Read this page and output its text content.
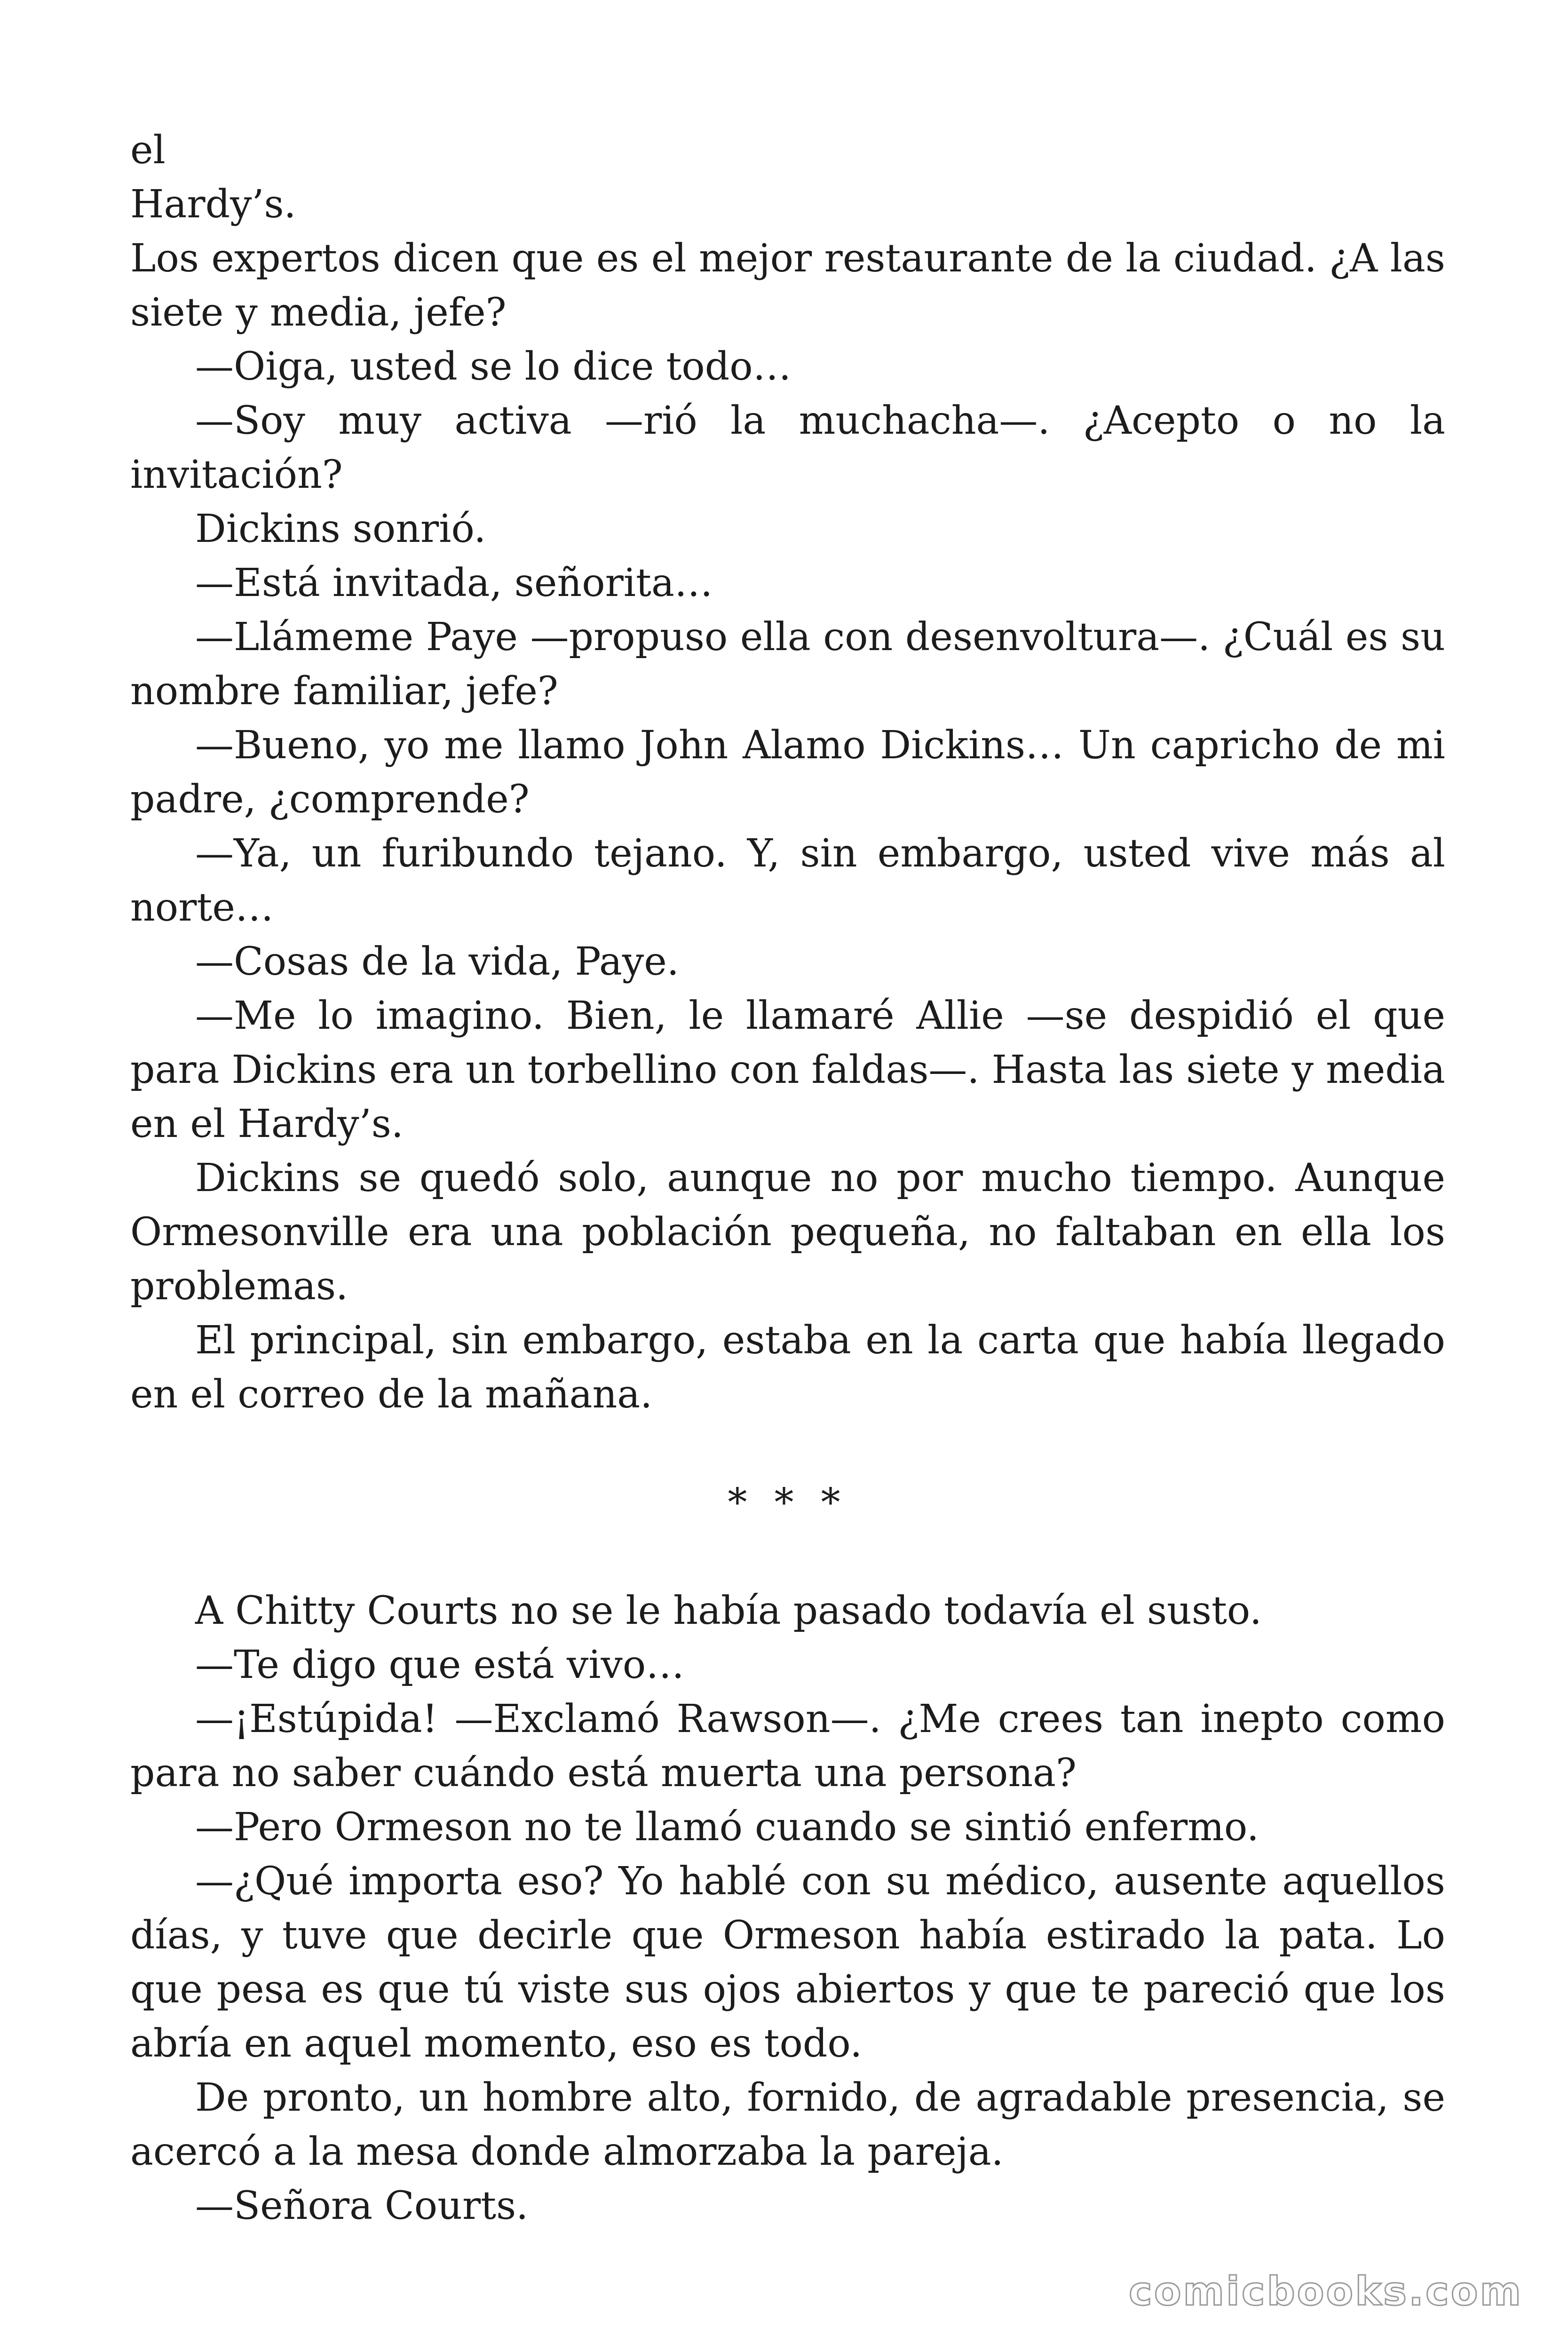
el

Hardy’s.

Los expertos dicen que es el mejor restaurante de la ciudad. ¿A las siete y media, jefe?

—Oiga, usted se lo dice todo…

—Soy muy activa —rió la muchacha—. ¿Acepto o no la invitación?

Dickins sonrió.

—Está invitada, señorita…

—Llámeme Paye —propuso ella con desenvoltura—. ¿Cuál es su nombre familiar, jefe?

—Bueno, yo me llamo John Alamo Dickins… Un capricho de mi padre, ¿comprende?

—Ya, un furibundo tejano. Y, sin embargo, usted vive más al norte…

—Cosas de la vida, Paye.

—Me lo imagino. Bien, le llamaré Allie —se despidió el que para Dickins era un torbellino con faldas—. Hasta las siete y media en el Hardy’s.

Dickins se quedó solo, aunque no por mucho tiempo. Aunque Ormesonville era una población pequeña, no faltaban en ella los problemas.

El principal, sin embargo, estaba en la carta que había llegado en el correo de la mañana.

* * *

A Chitty Courts no se le había pasado todavía el susto.

—Te digo que está vivo…

—¡Estúpida! —Exclamó Rawson—. ¿Me crees tan inepto como para no saber cuándo está muerta una persona?

—Pero Ormeson no te llamó cuando se sintió enfermo.

—¿Qué importa eso? Yo hablé con su médico, ausente aquellos días, y tuve que decirle que Ormeson había estirado la pata. Lo que pesa es que tú viste sus ojos abiertos y que te pareció que los abría en aquel momento, eso es todo.

De pronto, un hombre alto, fornido, de agradable presencia, se acercó a la mesa donde almorzaba la pareja.

—Señora Courts.

comicbooks.com
